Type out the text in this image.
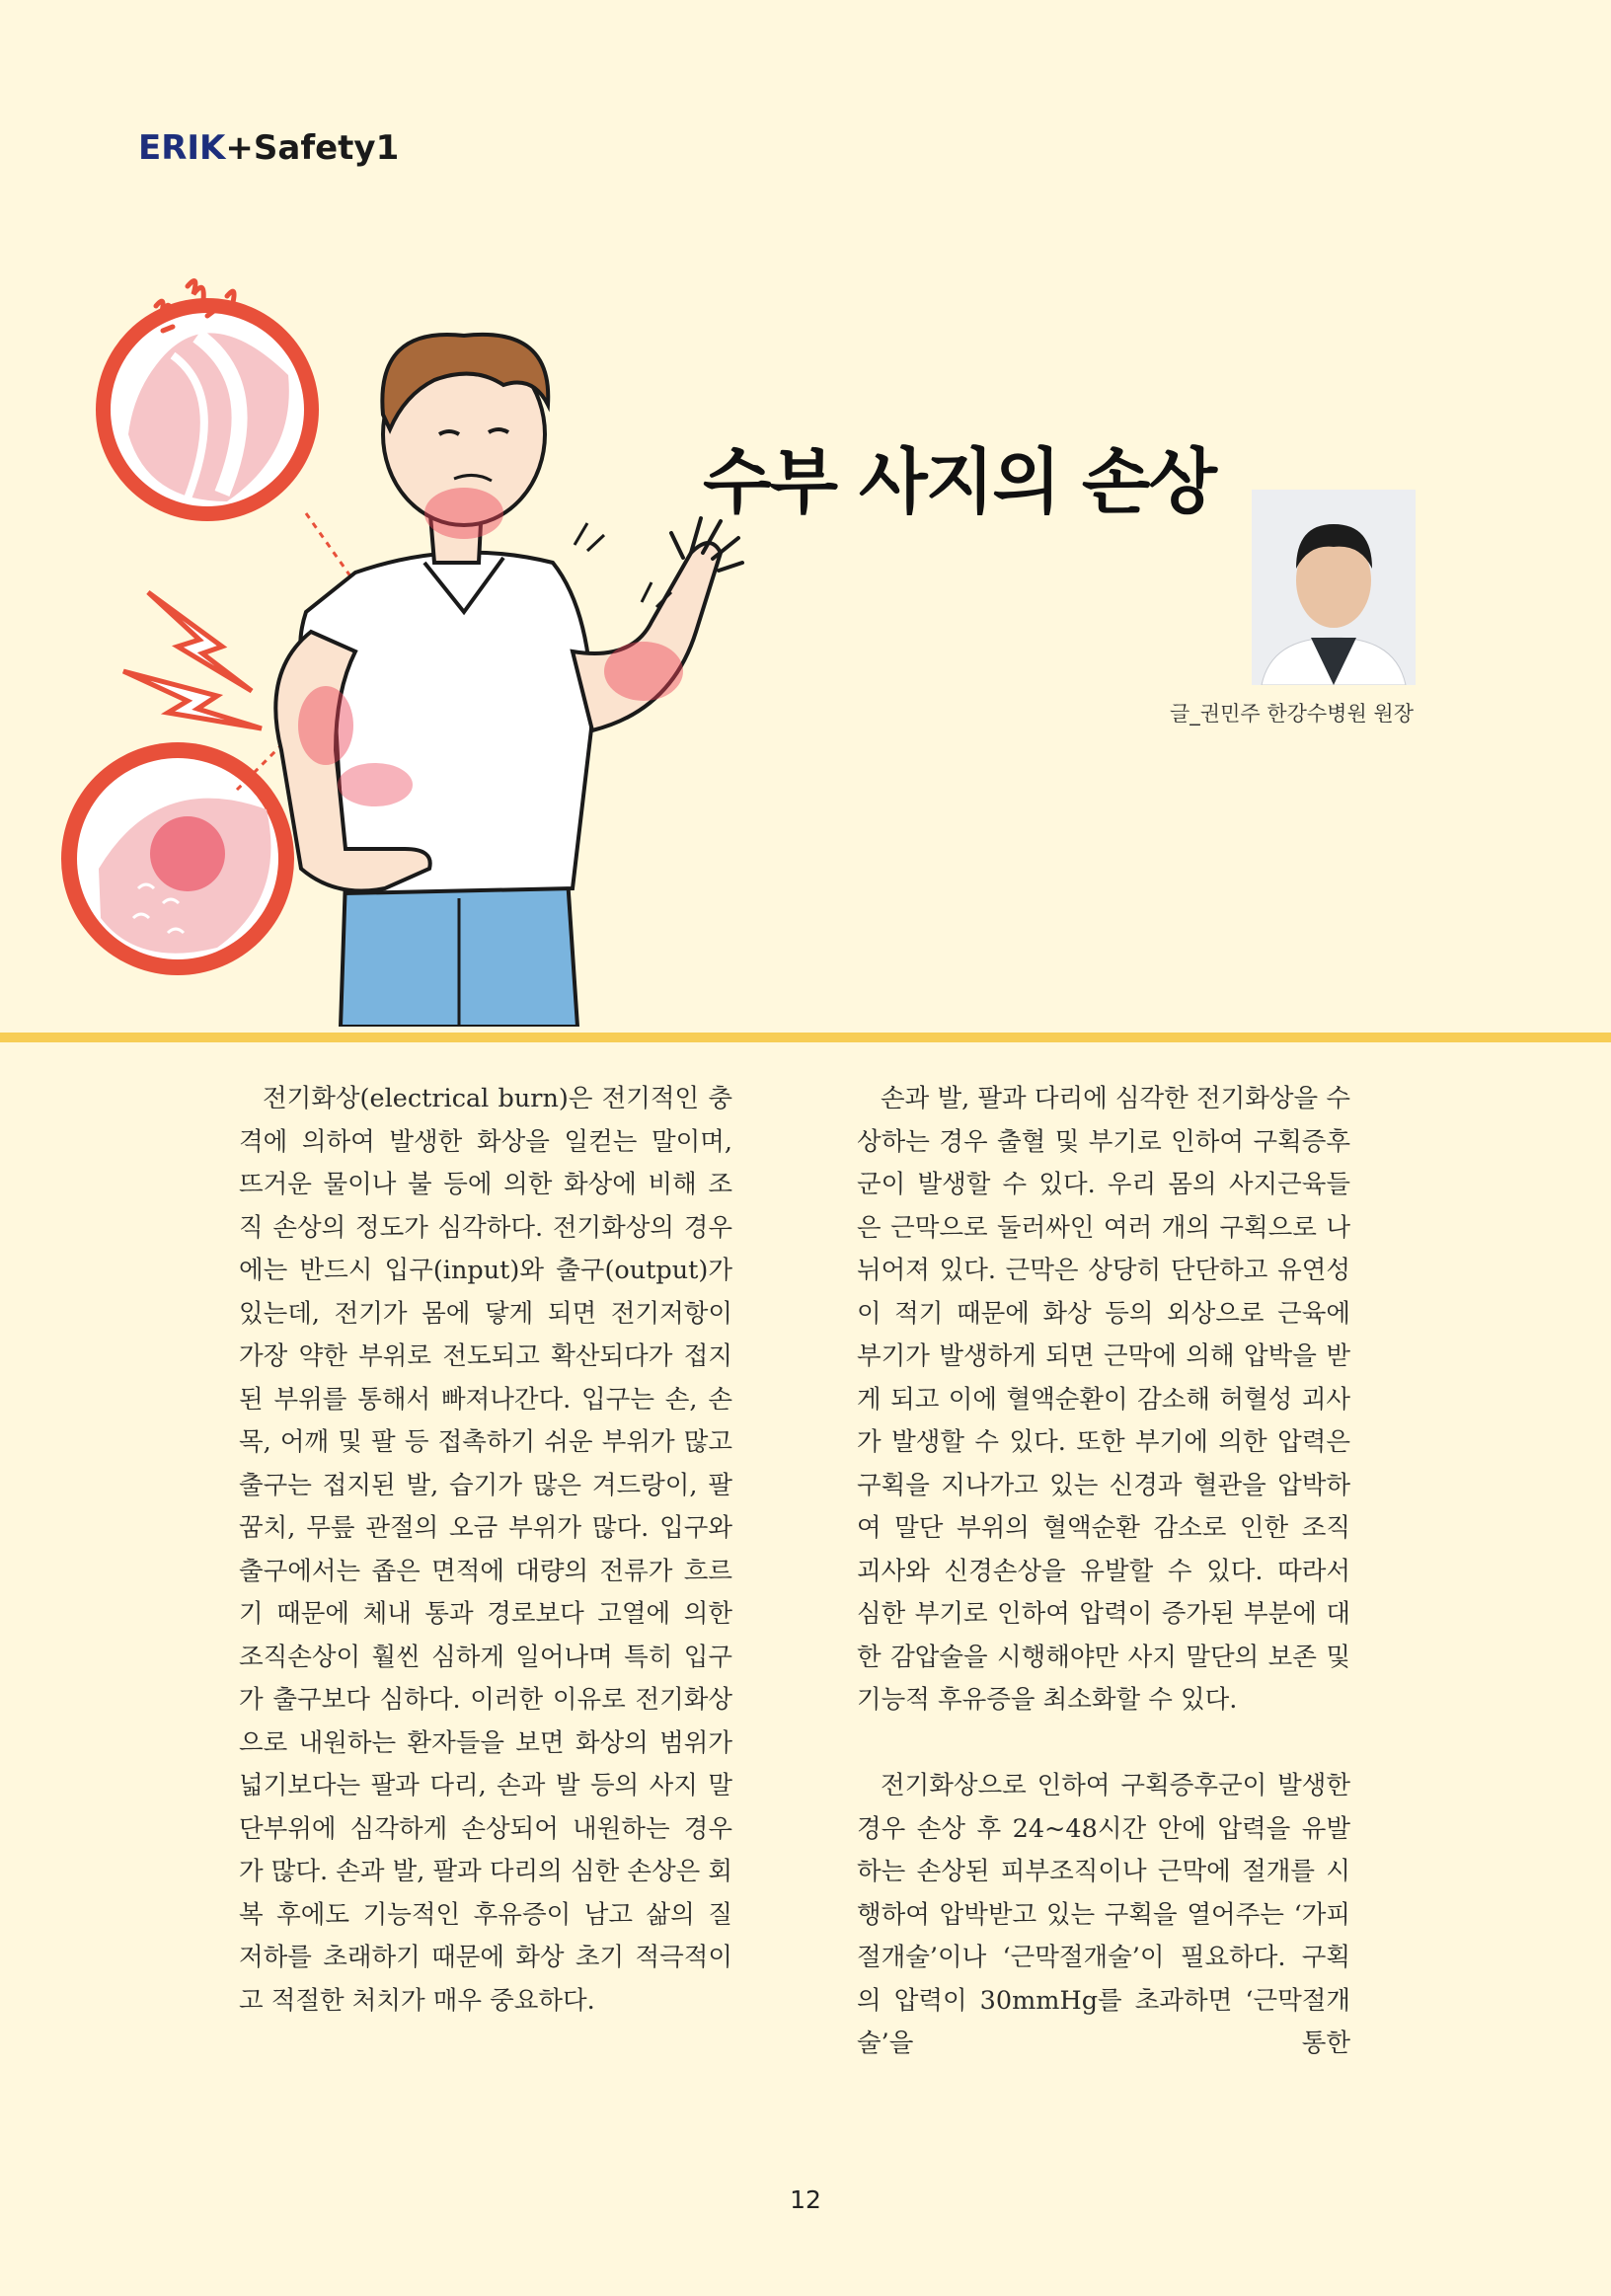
ERIK+Safety1
수부 사지의 손상
글_권민주 한강수병원 원장

전기화상(electrical burn)은 전기적인 충격에 의하여 발생한 화상을 일컫는 말이며, 뜨거운 물이나 불 등에 의한 화상에 비해 조직 손상의 정도가 심각하다. 전기화상의 경우에는 반드시 입구(input)와 출구(output)가 있는데, 전기가 몸에 닿게 되면 전기저항이 가장 약한 부위로 전도되고 확산되다가 접지된 부위를 통해서 빠져나간다. 입구는 손, 손목, 어깨 및 팔 등 접촉하기 쉬운 부위가 많고 출구는 접지된 발, 습기가 많은 겨드랑이, 팔꿈치, 무릎 관절의 오금 부위가 많다. 입구와 출구에서는 좁은 면적에 대량의 전류가 흐르기 때문에 체내 통과 경로보다 고열에 의한 조직손상이 훨씬 심하게 일어나며 특히 입구가 출구보다 심하다. 이러한 이유로 전기화상으로 내원하는 환자들을 보면 화상의 범위가 넓기보다는 팔과 다리, 손과 발 등의 사지 말단부위에 심각하게 손상되어 내원하는 경우가 많다. 손과 발, 팔과 다리의 심한 손상은 회복 후에도 기능적인 후유증이 남고 삶의 질 저하를 초래하기 때문에 화상 초기 적극적이고 적절한 처치가 매우 중요하다.

손과 발, 팔과 다리에 심각한 전기화상을 수상하는 경우 출혈 및 부기로 인하여 구획증후군이 발생할 수 있다. 우리 몸의 사지근육들은 근막으로 둘러싸인 여러 개의 구획으로 나뉘어져 있다. 근막은 상당히 단단하고 유연성이 적기 때문에 화상 등의 외상으로 근육에 부기가 발생하게 되면 근막에 의해 압박을 받게 되고 이에 혈액순환이 감소해 허혈성 괴사가 발생할 수 있다. 또한 부기에 의한 압력은 구획을 지나가고 있는 신경과 혈관을 압박하여 말단 부위의 혈액순환 감소로 인한 조직 괴사와 신경손상을 유발할 수 있다. 따라서 심한 부기로 인하여 압력이 증가된 부분에 대한 감압술을 시행해야만 사지 말단의 보존 및 기능적 후유증을 최소화할 수 있다.

전기화상으로 인하여 구획증후군이 발생한 경우 손상 후 24~48시간 안에 압력을 유발하는 손상된 피부조직이나 근막에 절개를 시행하여 압박받고 있는 구획을 열어주는 ‘가피절개술’이나 ‘근막절개술’이 필요하다. 구획의 압력이 30mmHg를 초과하면 ‘근막절개술’을 통한

12
